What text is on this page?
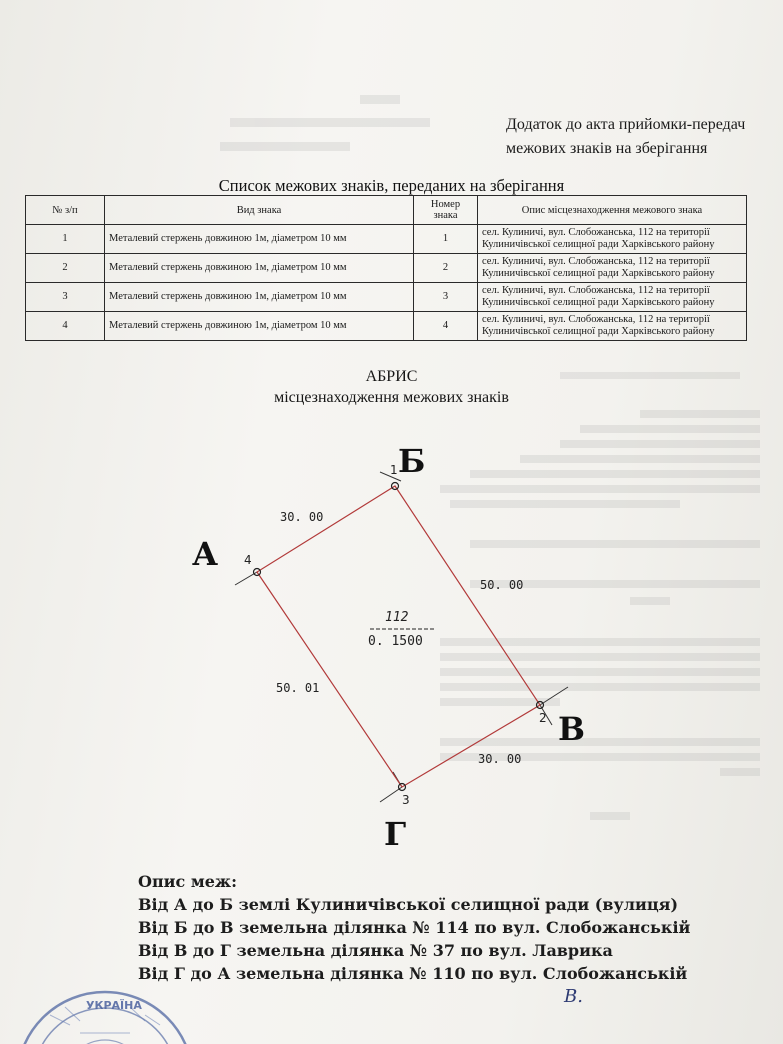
Додаток до акта прийомки-передач
межових знаків на зберігання
Список межових знаків, переданих на зберігання
№ з/п	Вид знака	Номер знака	Опис місцезнаходження межового знака
1	Металевий стержень довжиною 1м, діаметром 10 мм	1	сел. Кулиничі, вул. Слобожанська, 112 на території
Кулиничівської селищної ради Харківського району

2	Металевий стержень довжиною 1м, діаметром 10 мм	2	сел. Кулиничі, вул. Слобожанська, 112 на території
Кулиничівської селищної ради Харківського району

3	Металевий стержень довжиною 1м, діаметром 10 мм	3	сел. Кулиничі, вул. Слобожанська, 112 на території
Кулиничівської селищної ради Харківського району

4	Металевий стержень довжиною 1м, діаметром 10 мм	4	сел. Кулиничі, вул. Слобожанська, 112 на території
Кулиничівської селищної ради Харківського району
АБРИС
місцезнаходження межових знаків
1
2
3
4
30. 00
50. 00
30. 00
50. 01
112
0. 1500
Б
А
В
Г
Опис меж:
Від А до Б землі Кулиничівської селищної ради (вулиця)
Від Б до В земельна ділянка № 114 по вул. Слобожанській
Від В до Г земельна ділянка № 37 по вул. Лаврика
Від Г до А земельна ділянка № 110 по вул. Слобожанській
УКРАЇНА	В.
